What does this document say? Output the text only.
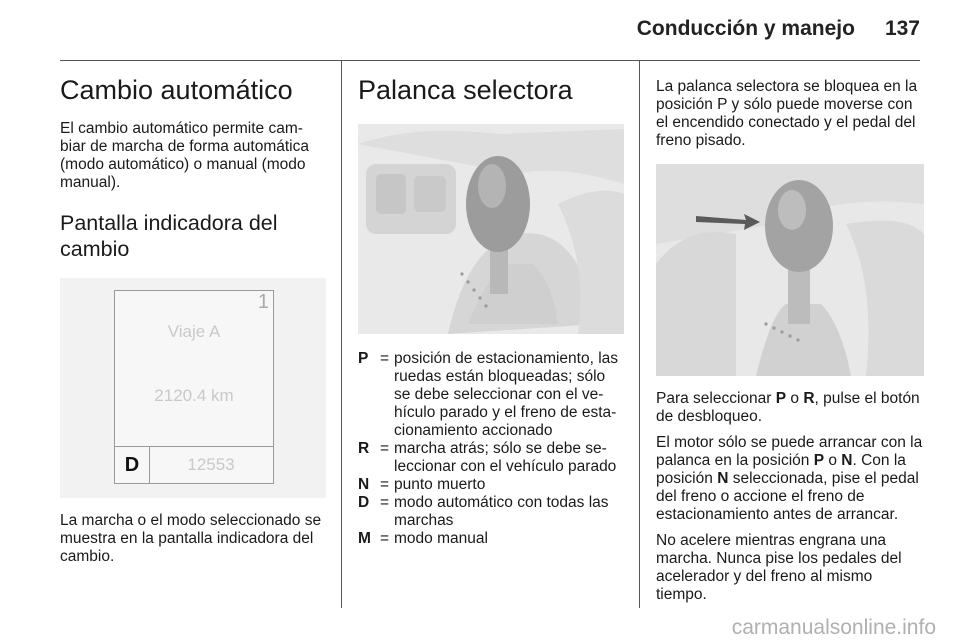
Conducción y manejo 137
Cambio automático

El cambio automático permite cam-biar de marcha de forma automática (modo automático) o manual (modo manual).

Pantalla indicadora del cambio
1
Viaje A
2120.4 km
D	12553

La marcha o el modo seleccionado se muestra en la pantalla indicadora del cambio.

Palanca selectora
P = posición de estacionamiento, las ruedas están bloqueadas; sólo se debe seleccionar con el ve-hículo parado y el freno de esta-cionamiento accionado
R = marcha atrás; sólo se debe se-leccionar con el vehículo parado
N = punto muerto
D = modo automático con todas las marchas
M = modo manual

La palanca selectora se bloquea en la posición P y sólo puede moverse con el encendido conectado y el pedal del freno pisado.

Para seleccionar P o R, pulse el botón de desbloqueo.

El motor sólo se puede arrancar con la palanca en la posición P o N. Con la posición N seleccionada, pise el pedal del freno o accione el freno de estacionamiento antes de arrancar.

No acelere mientras engrana una marcha. Nunca pise los pedales del acelerador y del freno al mismo tiempo.

carmanualsonline.info
